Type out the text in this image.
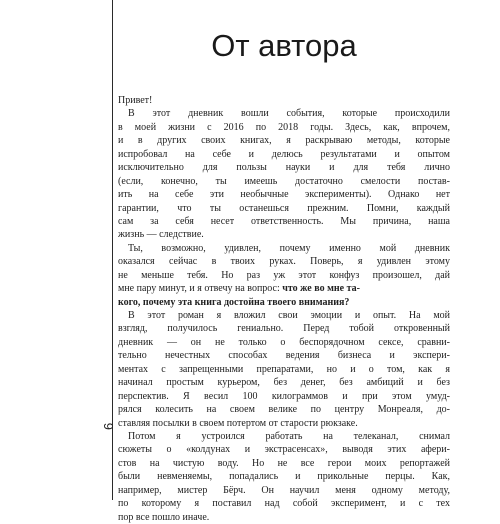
6
От автора
Привет!
В этот дневник вошли события, которые происходили
в моей жизни с 2016 по 2018 годы. Здесь, как, впрочем,
и в других своих книгах, я раскрываю методы, которые
испробовал на себе и делюсь результатами и опытом
исключительно для пользы науки и для тебя лично
(если, конечно, ты имеешь достаточно смелости постав-
ить на себе эти необычные эксперименты). Однако нет
гарантии, что ты останешься прежним. Помни, каждый
сам за себя несет ответственность. Мы причина, наша
жизнь — следствие.
Ты, возможно, удивлен, почему именно мой дневник
оказался сейчас в твоих руках. Поверь, я удивлен этому
не меньше тебя. Но раз уж этот конфуз произошел, дай
мне пару минут, и я отвечу на вопрос: что же во мне та-
кого, почему эта книга достойна твоего внимания?
В этот роман я вложил свои эмоции и опыт. На мой
взгляд, получилось гениально. Перед тобой откровенный
дневник — он не только о беспорядочном сексе, сравни-
тельно нечестных способах ведения бизнеса и экспери-
ментах с запрещенными препаратами, но и о том, как я
начинал простым курьером, без денег, без амбиций и без
перспектив. Я весил 100 килограммов и при этом умуд-
рялся колесить на своем велике по центру Монреаля, до-
ставляя посылки в своем потертом от старости рюкзаке.
Потом я устроился работать на телеканал, снимал
сюжеты о «колдунах и экстрасенсах», выводя этих афери-
стов на чистую воду. Но не все герои моих репортажей
были невменяемы, попадались и прикольные перцы. Как,
например, мистер Бёрч. Он научил меня одному методу,
по которому я поставил над собой эксперимент, и с тех
пор все пошло иначе.
